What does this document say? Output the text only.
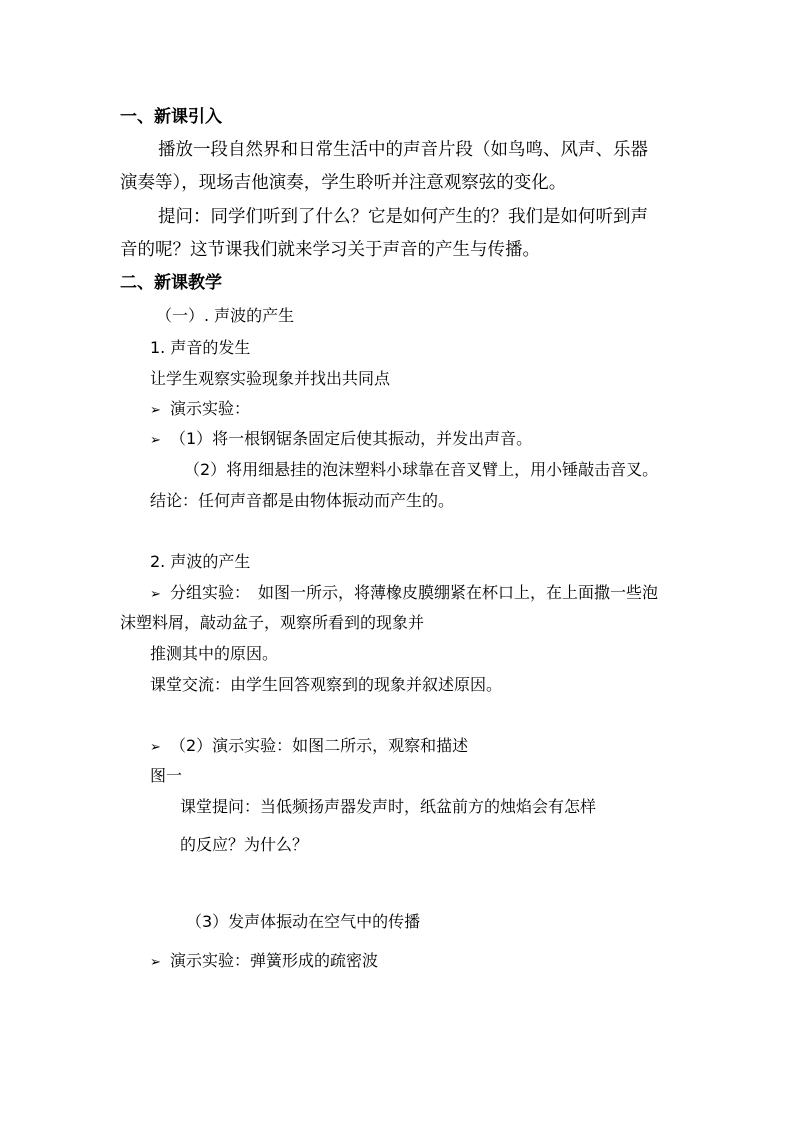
一、新课引入
播放一段自然界和日常生活中的声音片段（如鸟鸣、风声、乐器
演奏等），现场吉他演奏，学生聆听并注意观察弦的变化。
提问：同学们听到了什么？它是如何产生的？我们是如何听到声
音的呢？这节课我们就来学习关于声音的产生与传播。
二、新课教学
（一）. 声波的产生
1. 声音的发生
让学生观察实验现象并找出共同点
➢ 演示实验：
➢ （1）将一根钢锯条固定后使其振动，并发出声音。
（2）将用细悬挂的泡沫塑料小球靠在音叉臂上，用小锤敲击音叉。
结论：任何声音都是由物体振动而产生的。
2. 声波的产生
➢ 分组实验：　如图一所示，将薄橡皮膜绷紧在杯口上，在上面撒一些泡
沫塑料屑，敲动盆子，观察所看到的现象并
推测其中的原因。
课堂交流：由学生回答观察到的现象并叙述原因。
➢ （2）演示实验：如图二所示，观察和描述
图一
课堂提问：当低频扬声器发声时，纸盆前方的烛焰会有怎样
的反应？为什么？
（3）发声体振动在空气中的传播
➢ 演示实验：弹簧形成的疏密波
